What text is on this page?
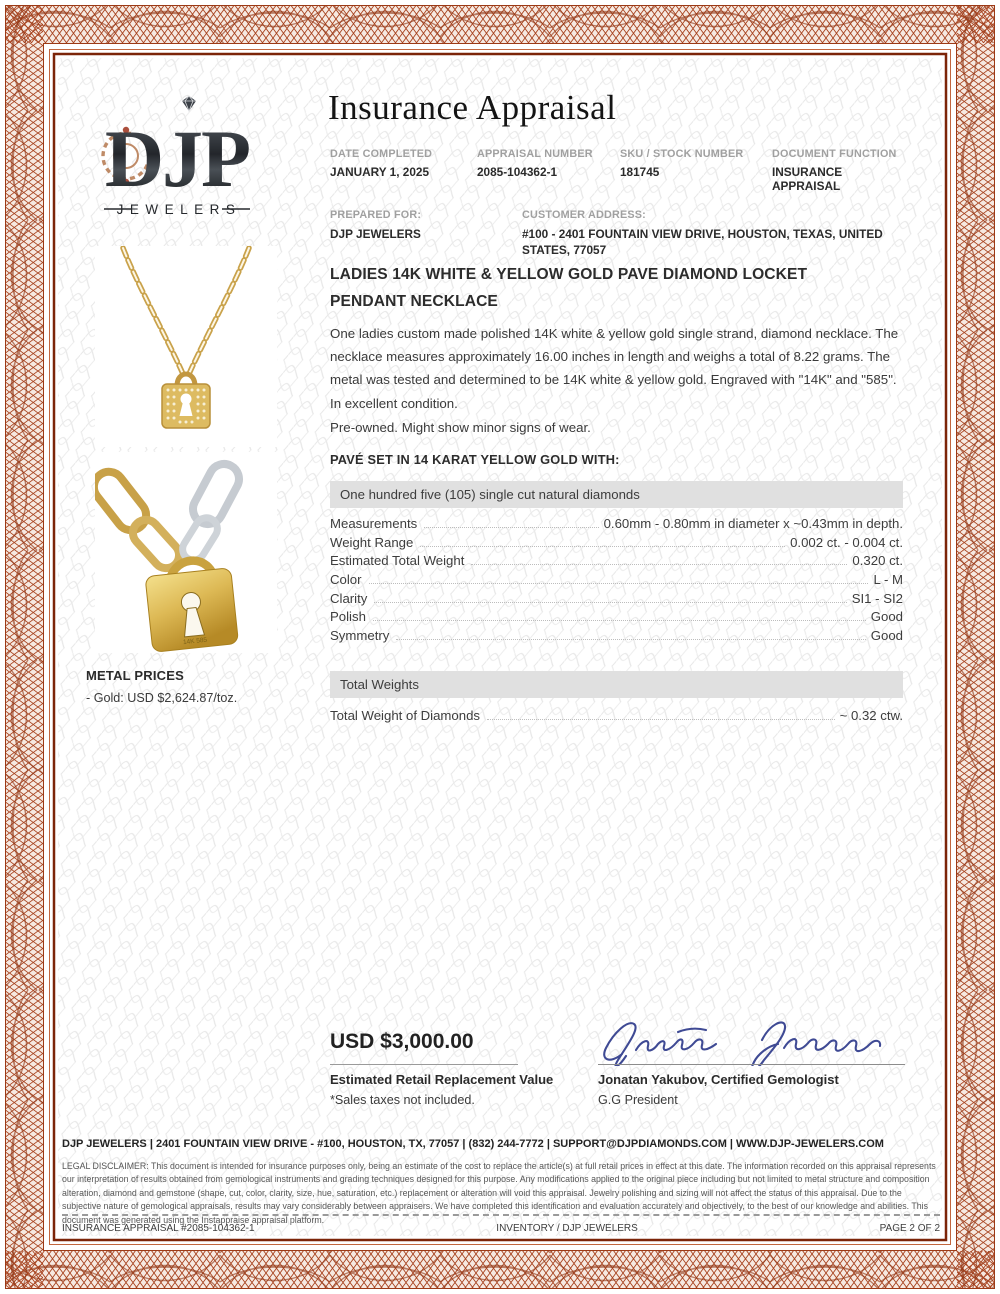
DJP
JEWELERS
Insurance Appraisal
DATE COMPLETED
JANUARY 1, 2025
APPRAISAL NUMBER
2085-104362-1
SKU / STOCK NUMBER
181745
DOCUMENT FUNCTION
INSURANCE APPRAISAL
PREPARED FOR:
DJP JEWELERS
CUSTOMER ADDRESS:
#100 - 2401 FOUNTAIN VIEW DRIVE, HOUSTON, TEXAS, UNITED STATES, 77057
14K 585
LADIES 14K WHITE & YELLOW GOLD PAVE DIAMOND LOCKET PENDANT NECKLACE
One ladies custom made polished 14K white & yellow gold single strand, diamond necklace. The necklace measures approximately 16.00 inches in length and weighs a total of 8.22 grams. The metal was tested and determined to be 14K white & yellow gold. Engraved with "14K" and "585". In excellent condition.
Pre-owned. Might show minor signs of wear.
PAVÉ SET IN 14 KARAT YELLOW GOLD WITH:
One hundred five (105) single cut natural diamonds
Measurements	0.60mm - 0.80mm in diameter x ~0.43mm in depth.
Weight Range	0.002 ct. - 0.004 ct.
Estimated Total Weight	0.320 ct.
Color	L - M
Clarity	SI1 - SI2
Polish	Good
Symmetry	Good
METAL PRICES
- Gold: USD $2,624.87/toz.
Total Weights
Total Weight of Diamonds	~ 0.32 ctw.
USD $3,000.00
Estimated Retail Replacement Value
*Sales taxes not included.
Jonatan Yakubov, Certified Gemologist
G.G President
DJP JEWELERS | 2401 FOUNTAIN VIEW DRIVE - #100, HOUSTON, TX, 77057 | (832) 244-7772 | SUPPORT@DJPDIAMONDS.COM | WWW.DJP-JEWELERS.COM
LEGAL DISCLAIMER: This document is intended for insurance purposes only, being an estimate of the cost to replace the article(s) at full retail prices in effect at this date. The information recorded on this appraisal represents our interpretation of results obtained from gemological instruments and grading techniques designed for this purpose. Any modifications applied to the original piece including but not limited to metal structure and composition alteration, diamond and gemstone (shape, cut, color, clarity, size, hue, saturation, etc.) replacement or alteration will void this appraisal. Jewelry polishing and sizing will not affect the status of this appraisal. Due to the subjective nature of gemological appraisals, results may vary considerably between appraisers. We have completed this identification and evaluation accurately and objectively, to the best of our knowledge and abilities. This document was generated using the Instappraise appraisal platform.
INSURANCE APPRAISAL #2085-104362-1	INVENTORY / DJP JEWELERS	PAGE 2 OF 2
